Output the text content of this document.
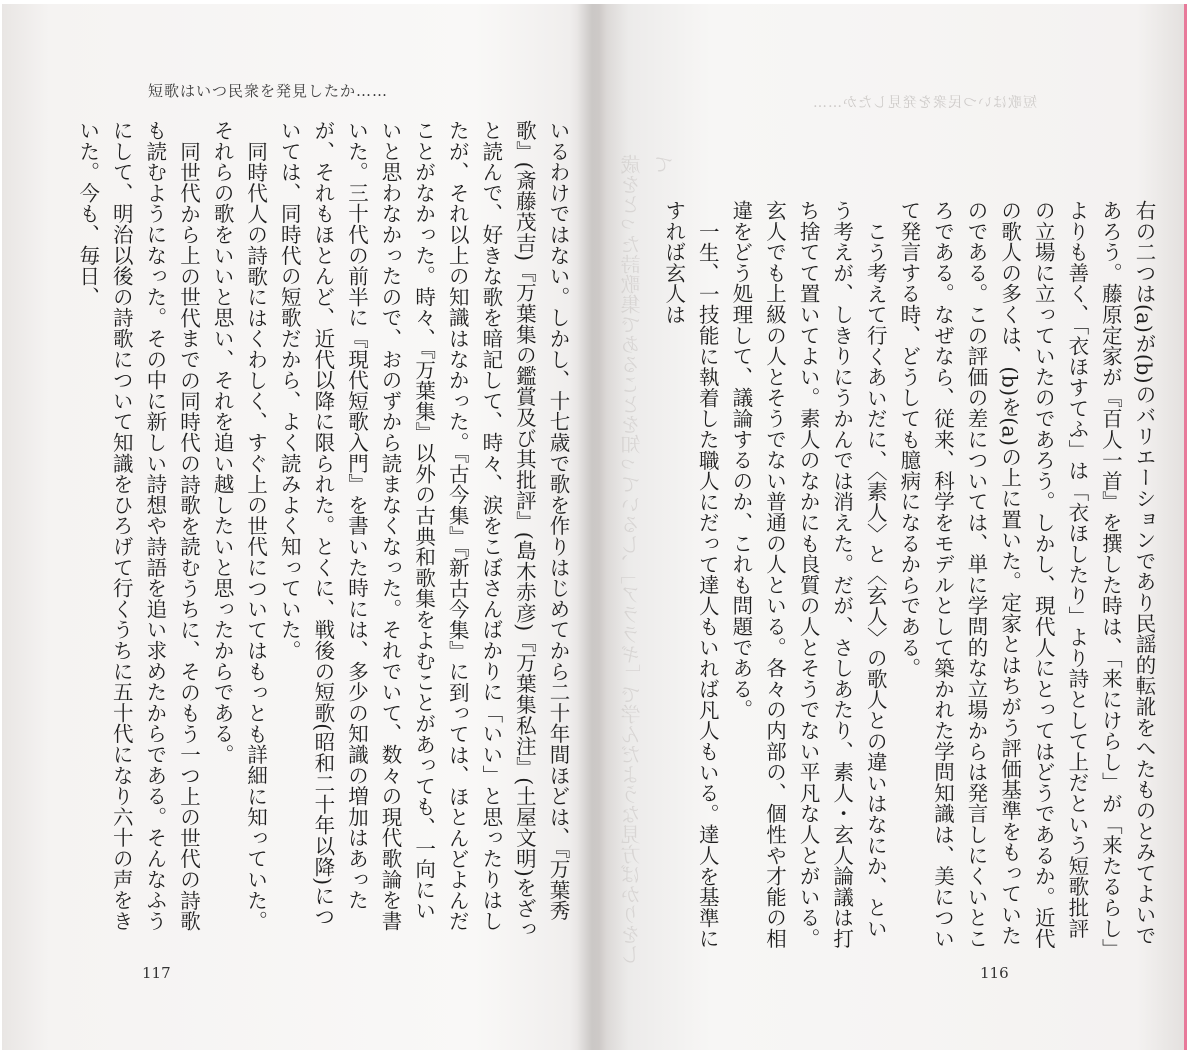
短歌はいつ民衆を発見したか……

いるわけではない。しかし、十七歳で歌を作りはじめてから二十年間ほどは、『万葉秀歌』(斎藤茂吉)『万葉集の鑑賞及び其批評』(島木赤彦)『万葉集私注』(土屋文明)をざっと読んで、好きな歌を暗記して、時々、涙をこぼさんばかりに「いい」と思ったりはしたが、それ以上の知識はなかった。『古今集』『新古今集』に到っては、ほとんどよんだことがなかった。時々、『万葉集』以外の古典和歌集をよむことがあっても、一向にいいと思わなかったので、おのずから読まなくなった。それでいて、数々の現代歌論を書いた。三十代の前半に『現代短歌入門』を書いた時には、多少の知識の増加はあったが、それもほとんど、近代以降に限られた。とくに、戦後の短歌(昭和二十年以降)については、同時代の短歌だから、よく読みよく知っていた。

同時代人の詩歌にはくわしく、すぐ上の世代についてはもっとも詳細に知っていた。それらの歌をいいと思い、それを追い越したいと思ったからである。

同世代から上の世代までの同時代の詩歌を読むうちに、そのもう一つ上の世代の詩歌も読むようになった。その中に新しい詩想や詩語を追い求めたからである。そんなふうにして、明治以後の詩歌について知識をひろげて行くうちに五十代になり六十の声をきいた。今も、毎日、

117
短歌はいつ民衆を発見したか……
歳をとった詩歌集であることを知っているし、「アララギ」で学んだような見方ばかりをして

右の二つは(a)が(b)のバリエーションであり民謡的転訛をへたものとみてよいであろう。藤原定家が『百人一首』を撰した時は、「来にけらし」が「来たるらし」よりも善く、「衣ほすてふ」は「衣ほしたり」より詩として上だという短歌批評の立場に立っていたのであろう。しかし、現代人にとってはどうであるか。近代の歌人の多くは、(b)を(a)の上に置いた。定家とはちがう評価基準をもっていたのである。この評価の差については、単に学問的な立場からは発言しにくいところである。なぜなら、従来、科学をモデルとして築かれた学問知識は、美について発言する時、どうしても臆病になるからである。

こう考えて行くあいだに、〈素人〉と〈玄人〉の歌人との違いはなにか、という考えが、しきりにうかんでは消えた。だが、さしあたり、素人・玄人論議は打ち捨てて置いてよい。素人のなかにも良質の人とそうでない平凡な人とがいる。玄人でも上級の人とそうでない普通の人といる。各々の内部の、個性や才能の相違をどう処理して、議論するのか、これも問題である。

一生、一技能に執着した職人にだって達人もいれば凡人もいる。達人を基準にすれば玄人は

116
